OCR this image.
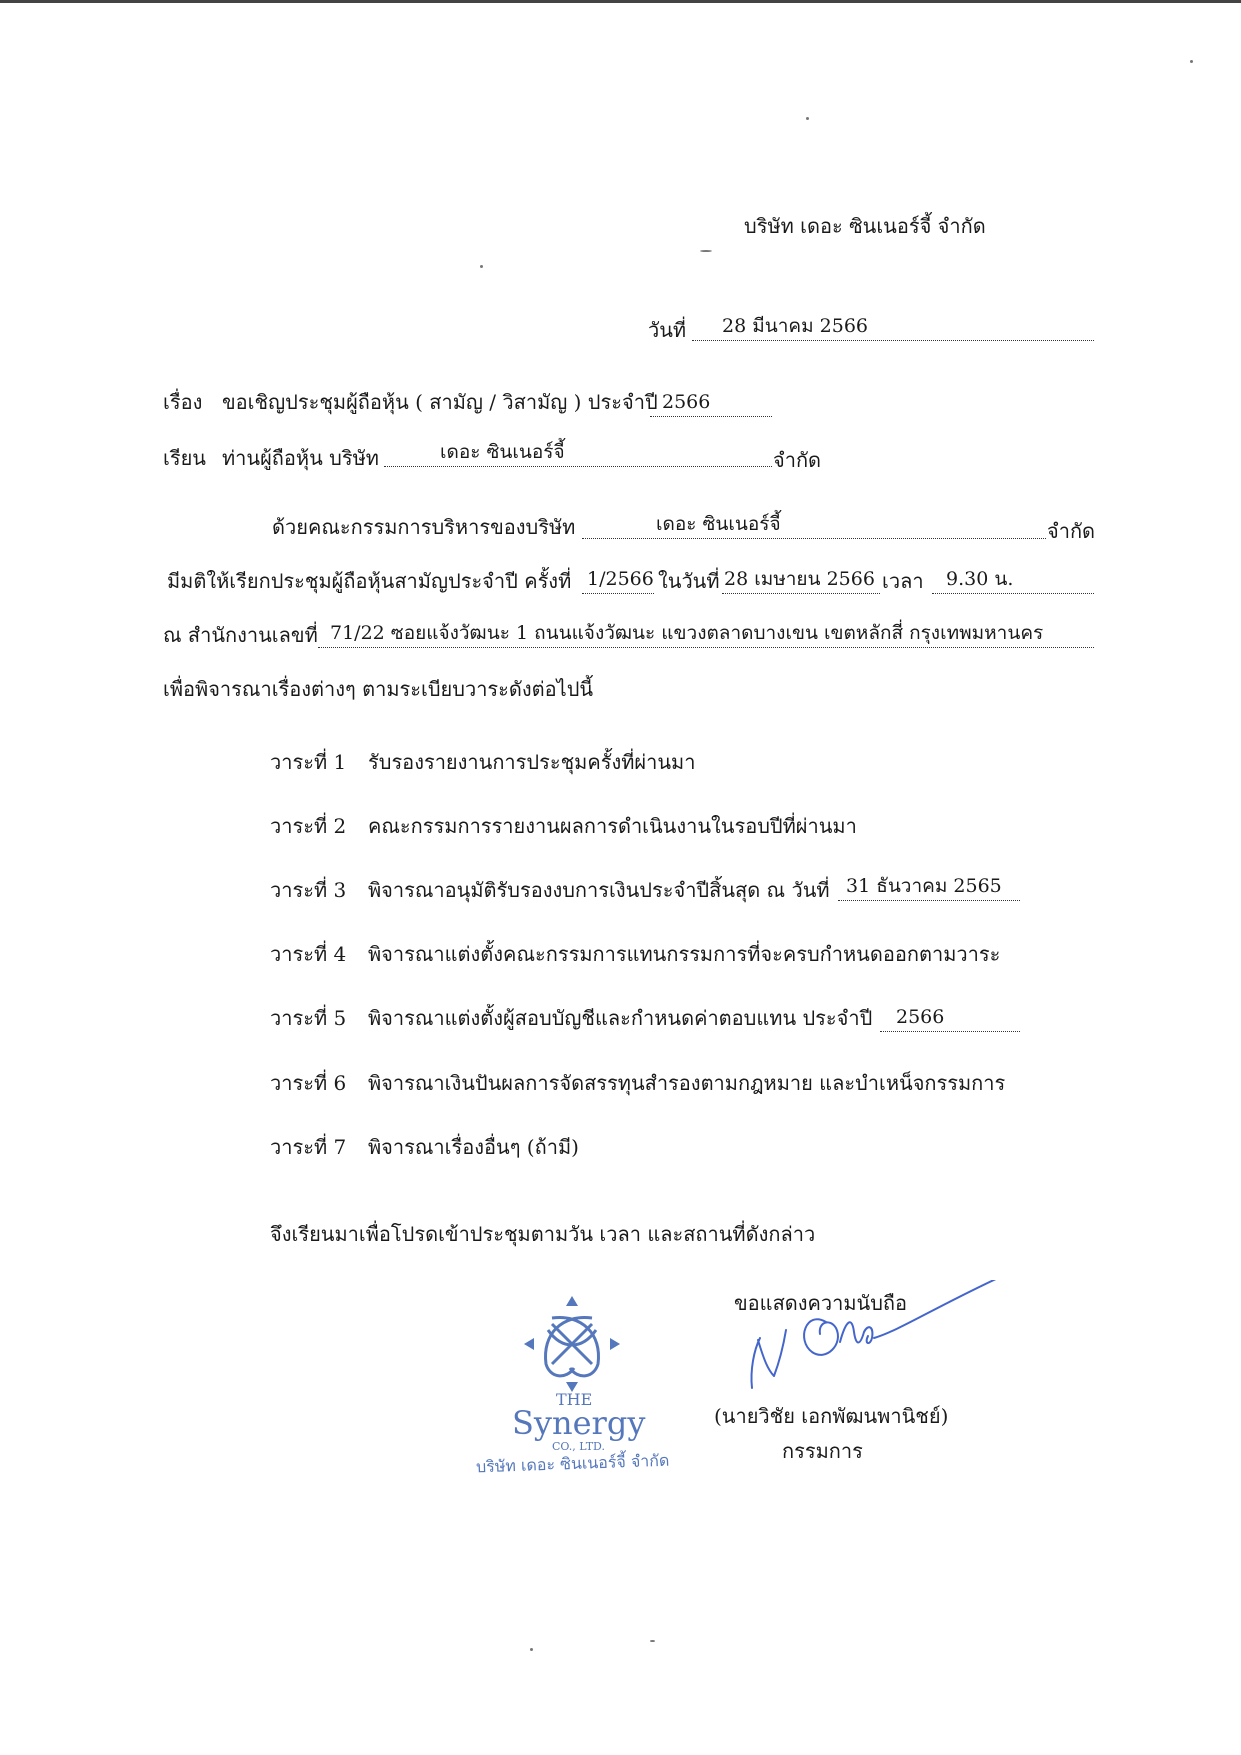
บริษัท เดอะ ซินเนอร์จี้ จำกัด
วันที่ 28 มีนาคม 2566
เรื่อง ขอเชิญประชุมผู้ถือหุ้น ( สามัญ / วิสามัญ ) ประจำปี 2566
เรียน ท่านผู้ถือหุ้น บริษัท	เดอะ ซินเนอร์จี้	จำกัด
ด้วยคณะกรรมการบริหารของบริษัท	เดอะ ซินเนอร์จี้	จำกัด
มีมติให้เรียกประชุมผู้ถือหุ้นสามัญประจำปี ครั้งที่ 1/2566 ในวันที่ 28 เมษายน 2566 เวลา 9.30 น.
ณ สำนักงานเลขที่ 71/22 ซอยแจ้งวัฒนะ 1 ถนนแจ้งวัฒนะ แขวงตลาดบางเขน เขตหลักสี่ กรุงเทพมหานคร
เพื่อพิจารณาเรื่องต่างๆ ตามระเบียบวาระดังต่อไปนี้
วาระที่ 1 รับรองรายงานการประชุมครั้งที่ผ่านมา
วาระที่ 2 คณะกรรมการรายงานผลการดำเนินงานในรอบปีที่ผ่านมา
วาระที่ 3 พิจารณาอนุมัติรับรองงบการเงินประจำปีสิ้นสุด ณ วันที่ 31 ธันวาคม 2565
วาระที่ 4 พิจารณาแต่งตั้งคณะกรรมการแทนกรรมการที่จะครบกำหนดออกตามวาระ
วาระที่ 5 พิจารณาแต่งตั้งผู้สอบบัญชีและกำหนดค่าตอบแทน ประจำปี 2566
วาระที่ 6 พิจารณาเงินปันผลการจัดสรรทุนสำรองตามกฎหมาย และบำเหน็จกรรมการ
วาระที่ 7 พิจารณาเรื่องอื่นๆ (ถ้ามี)
จึงเรียนมาเพื่อโปรดเข้าประชุมตามวัน เวลา และสถานที่ดังกล่าว
ขอแสดงความนับถือ
(นายวิชัย เอกพัฒนพานิชย์)
กรรมการ
THE
Synergy
CO., LTD.
บริษัท เดอะ ซินเนอร์จี้ จำกัด
